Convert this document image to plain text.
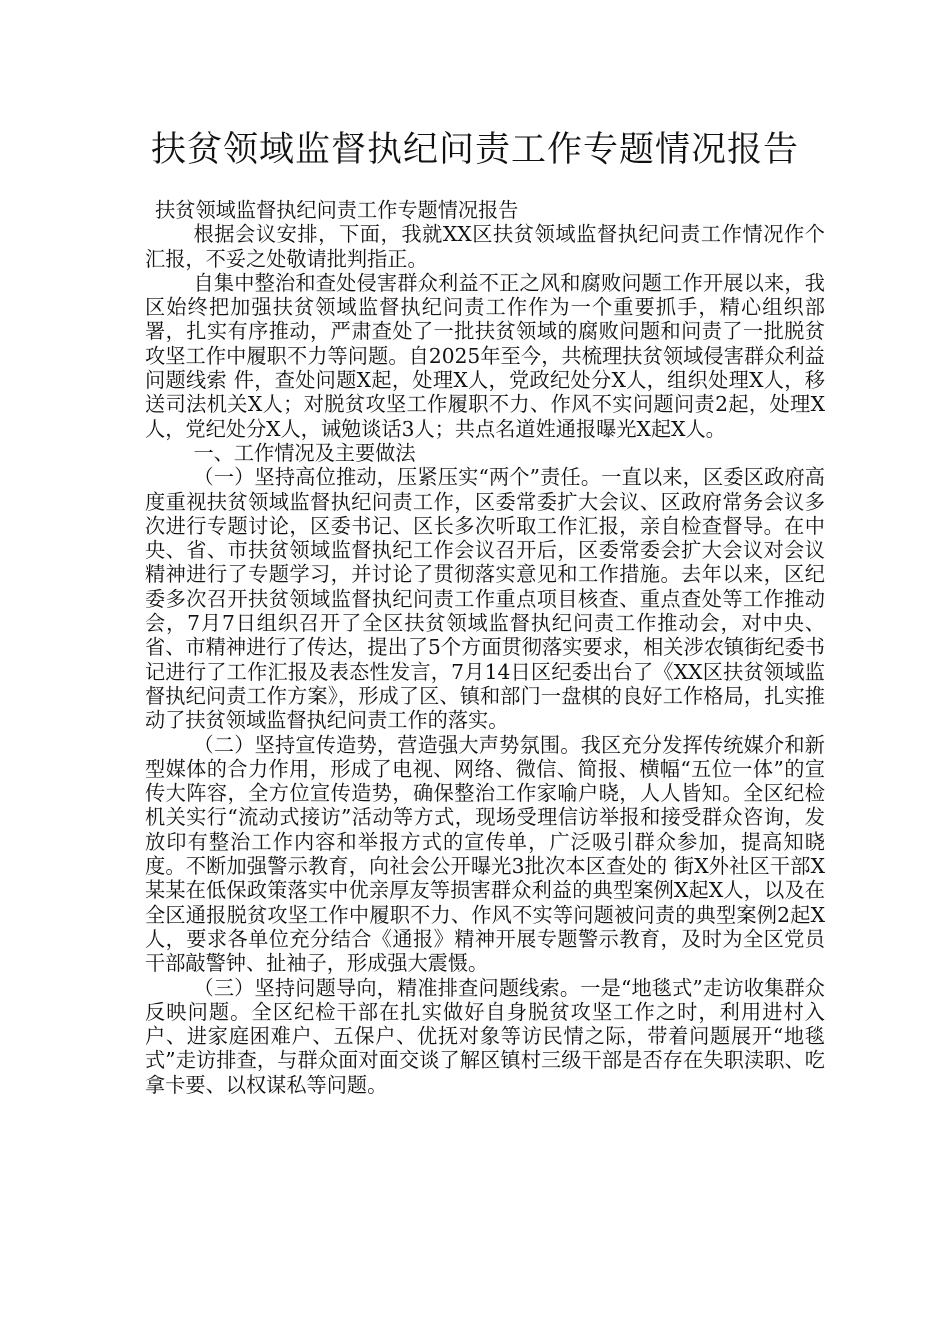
扶贫领域监督执纪问责工作专题情况报告

扶贫领域监督执纪问责工作专题情况报告

根据会议安排，下面，我就XX区扶贫领域监督执纪问责工作情况作个汇报，不妥之处敬请批判指正。

自集中整治和查处侵害群众利益不正之风和腐败问题工作开展以来，我区始终把加强扶贫领域监督执纪问责工作作为一个重要抓手，精心组织部署，扎实有序推动，严肃查处了一批扶贫领域的腐败问题和问责了一批脱贫攻坚工作中履职不力等问题。自2025年至今，共梳理扶贫领域侵害群众利益问题线索 件，查处问题X起，处理X人，党政纪处分X人，组织处理X人，移送司法机关X人；对脱贫攻坚工作履职不力、作风不实问题问责2起，处理X人，党纪处分X人，诫勉谈话3人；共点名道姓通报曝光X起X人。

一、工作情况及主要做法

（一）坚持高位推动，压紧压实“两个”责任。一直以来，区委区政府高度重视扶贫领域监督执纪问责工作，区委常委扩大会议、区政府常务会议多次进行专题讨论，区委书记、区长多次听取工作汇报，亲自检查督导。在中央、省、市扶贫领域监督执纪工作会议召开后，区委常委会扩大会议对会议精神进行了专题学习，并讨论了贯彻落实意见和工作措施。去年以来，区纪委多次召开扶贫领域监督执纪问责工作重点项目核查、重点查处等工作推动会，7月7日组织召开了全区扶贫领域监督执纪问责工作推动会，对中央、省、市精神进行了传达，提出了5个方面贯彻落实要求，相关涉农镇街纪委书记进行了工作汇报及表态性发言，7月14日区纪委出台了《XX区扶贫领域监督执纪问责工作方案》，形成了区、镇和部门一盘棋的良好工作格局，扎实推动了扶贫领域监督执纪问责工作的落实。

（二）坚持宣传造势，营造强大声势氛围。我区充分发挥传统媒介和新型媒体的合力作用，形成了电视、网络、微信、简报、横幅“五位一体”的宣传大阵容，全方位宣传造势，确保整治工作家喻户晓，人人皆知。全区纪检机关实行“流动式接访”活动等方式，现场受理信访举报和接受群众咨询，发放印有整治工作内容和举报方式的宣传单，广泛吸引群众参加，提高知晓度。不断加强警示教育，向社会公开曝光3批次本区查处的 街X外社区干部X某某在低保政策落实中优亲厚友等损害群众利益的典型案例X起X人，以及在全区通报脱贫攻坚工作中履职不力、作风不实等问题被问责的典型案例2起X人，要求各单位充分结合《通报》精神开展专题警示教育，及时为全区党员干部敲警钟、扯袖子，形成强大震慑。

（三）坚持问题导向，精准排查问题线索。一是“地毯式”走访收集群众反映问题。全区纪检干部在扎实做好自身脱贫攻坚工作之时，利用进村入户、进家庭困难户、五保户、优抚对象等访民情之际，带着问题展开“地毯式”走访排查，与群众面对面交谈了解区镇村三级干部是否存在失职渎职、吃拿卡要、以权谋私等问题。
